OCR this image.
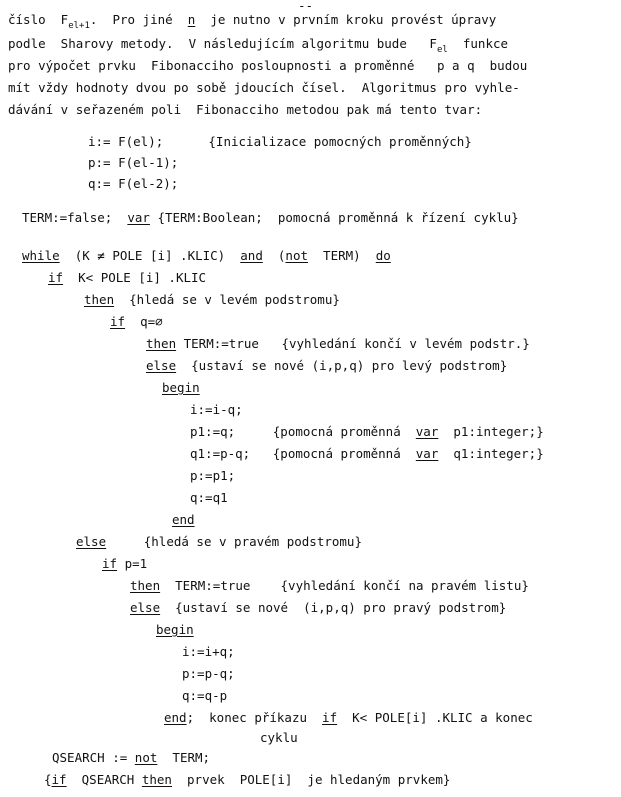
--
číslo  $F_{el+1}$.  Pro jiné  n  je nutno v prvním kroku provést úpravy
podle  Sharovy metody.  V následujícím algoritmu bude   $F_{el}$  funkce
pro výpočet prvku  Fibonacciho posloupnosti a proměnné   p a q  budou
mít vždy hodnoty dvou po sobě jdoucích čísel.  Algoritmus pro vyhle-
dávání v seřazeném poli  Fibonacciho metodou pak má tento tvar:
i:= F(el);      {Inicializace pomocných proměnných}
p:= F(el-1);
q:= F(el-2);
TERM:=false;  var {TERM:Boolean;  pomocná proměnná k řízení cyklu}
while  (K ≠ POLE [i] .KLIC)  and  (not  TERM)  do
if  K< POLE [i] .KLIC
then  {hledá se v levém podstromu}
if  q=∅
then TERM:=true   {vyhledání končí v levém podstr.}
else  {ustaví se nové (i,p,q) pro levý podstrom}
begin
i:=i-q;
p1:=q;     {pomocná proměnná  var  p1:integer;}
q1:=p-q;   {pomocná proměnná  var  q1:integer;}
p:=p1;
q:=q1
end
else     {hledá se v pravém podstromu}
if p=1
then  TERM:=true    {vyhledání končí na pravém listu}
else  {ustaví se nové  (i,p,q) pro pravý podstrom}
begin
i:=i+q;
p:=p-q;
q:=q-p
end;  konec příkazu  if  K< POLE[i] .KLIC a konec
cyklu
QSEARCH := not  TERM;
{if  QSEARCH then  prvek  POLE[i]  je hledaným prvkem}
